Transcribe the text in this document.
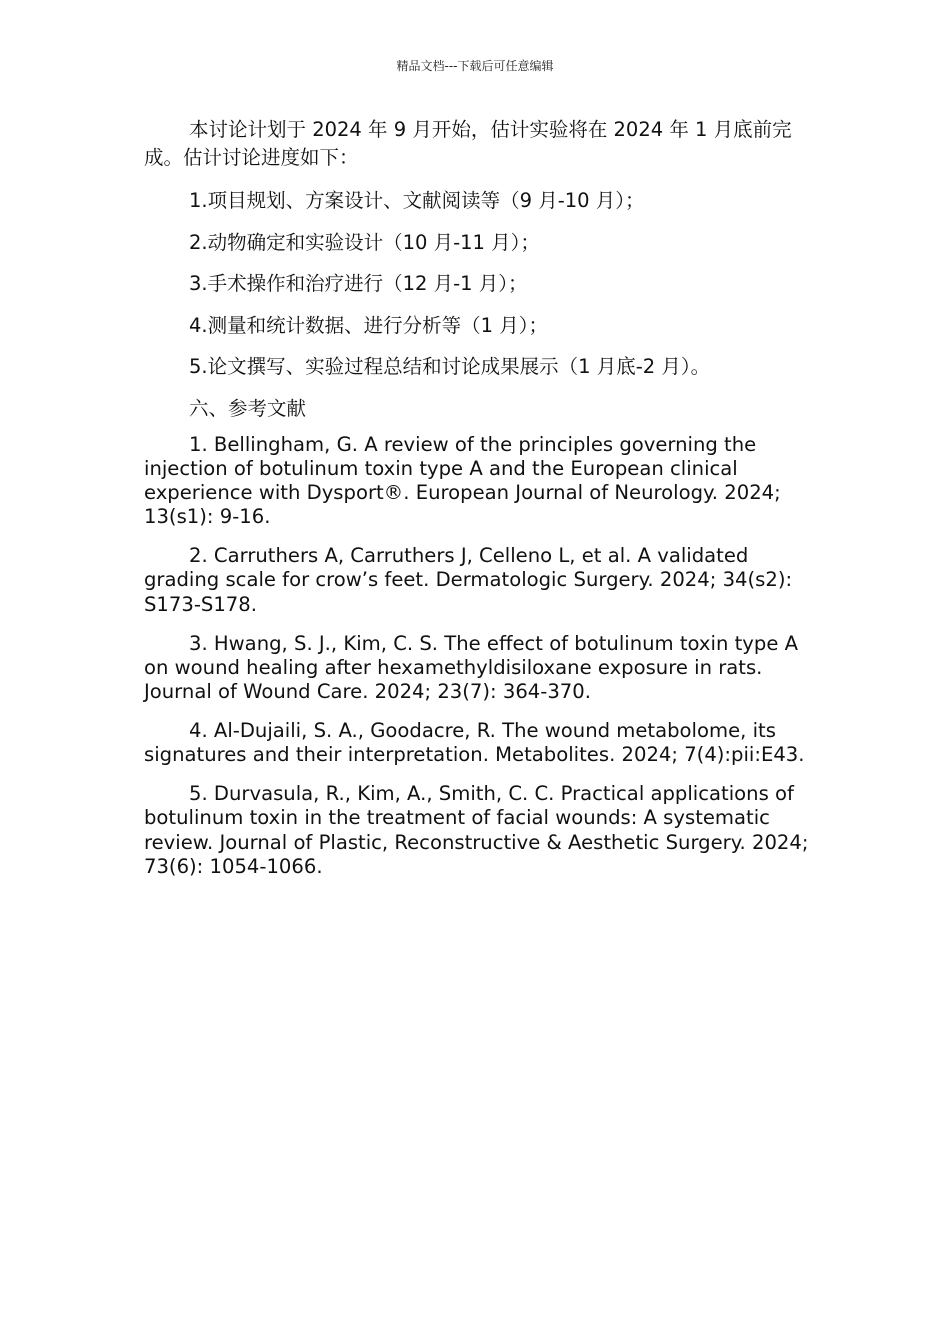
精品文档---下载后可任意编辑

本讨论计划于 2024 年 9 月开始，估计实验将在 2024 年 1 月底前完成。估计讨论进度如下：

1.项目规划、方案设计、文献阅读等（9 月-10 月）；

2.动物确定和实验设计（10 月-11 月）；

3.手术操作和治疗进行（12 月-1 月）；

4.测量和统计数据、进行分析等（1 月）；

5.论文撰写、实验过程总结和讨论成果展示（1 月底-2 月）。

六、参考文献

1. Bellingham, G. A review of the principles governing the injection of botulinum toxin type A and the European clinical experience with Dysport®. European Journal of Neurology. 2024; 13(s1): 9-16.

2. Carruthers A, Carruthers J, Celleno L, et al. A validated grading scale for crow’s feet. Dermatologic Surgery. 2024; 34(s2): S173-S178.

3. Hwang, S. J., Kim, C. S. The effect of botulinum toxin type A on wound healing after hexamethyldisiloxane exposure in rats. Journal of Wound Care. 2024; 23(7): 364-370.

4. Al-Dujaili, S. A., Goodacre, R. The wound metabolome, its signatures and their interpretation. Metabolites. 2024; 7(4):pii:E43.

5. Durvasula, R., Kim, A., Smith, C. C. Practical applications of botulinum toxin in the treatment of facial wounds: A systematic review. Journal of Plastic, Reconstructive & Aesthetic Surgery. 2024; 73(6): 1054-1066.
